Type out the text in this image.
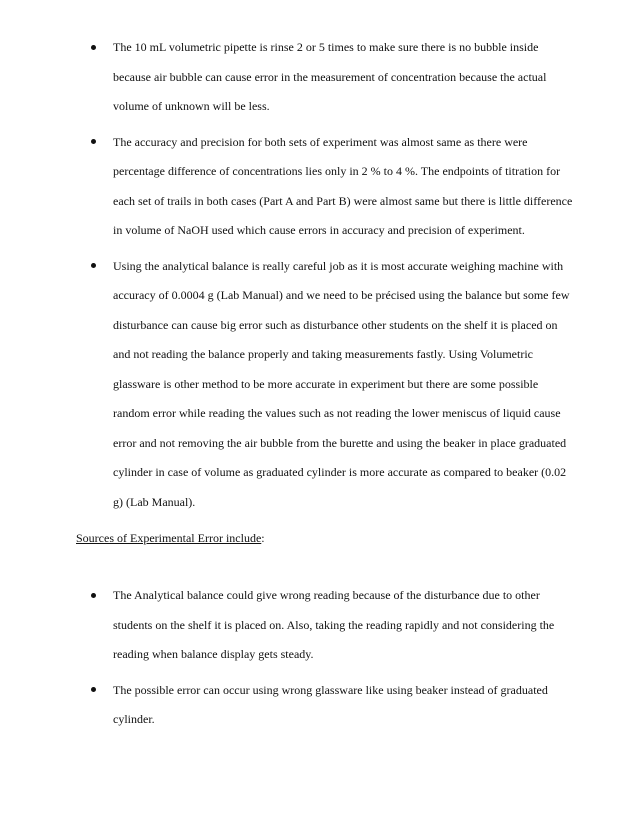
The 10 mL volumetric pipette is rinse 2 or 5 times to make sure there is no bubble inside because air bubble can cause error in the measurement of concentration because the actual volume of unknown will be less.
The accuracy and precision for both sets of experiment was almost same as there were percentage difference of concentrations lies only in 2 % to 4 %. The endpoints of titration for each set of trails in both cases (Part A and Part B) were almost same but there is little difference in volume of NaOH used which cause errors in accuracy and precision of experiment.
Using the analytical balance is really careful job as it is most accurate weighing machine with accuracy of 0.0004 g (Lab Manual) and we need to be précised using the balance but some few disturbance can cause big error such as disturbance other students on the shelf it is placed on and not reading the balance properly and taking measurements fastly. Using Volumetric glassware is other method to be more accurate in experiment but there are some possible random error while reading the values such as not reading the lower meniscus of liquid cause error and not removing the air bubble from the burette and using the beaker in place graduated cylinder in case of volume as graduated cylinder is more accurate as compared to beaker (0.02 g) (Lab Manual).
Sources of Experimental Error include:
The Analytical balance could give wrong reading because of the disturbance due to other students on the shelf it is placed on. Also, taking the reading rapidly and not considering the reading when balance display gets steady.
The possible error can occur using wrong glassware like using beaker instead of graduated cylinder.
